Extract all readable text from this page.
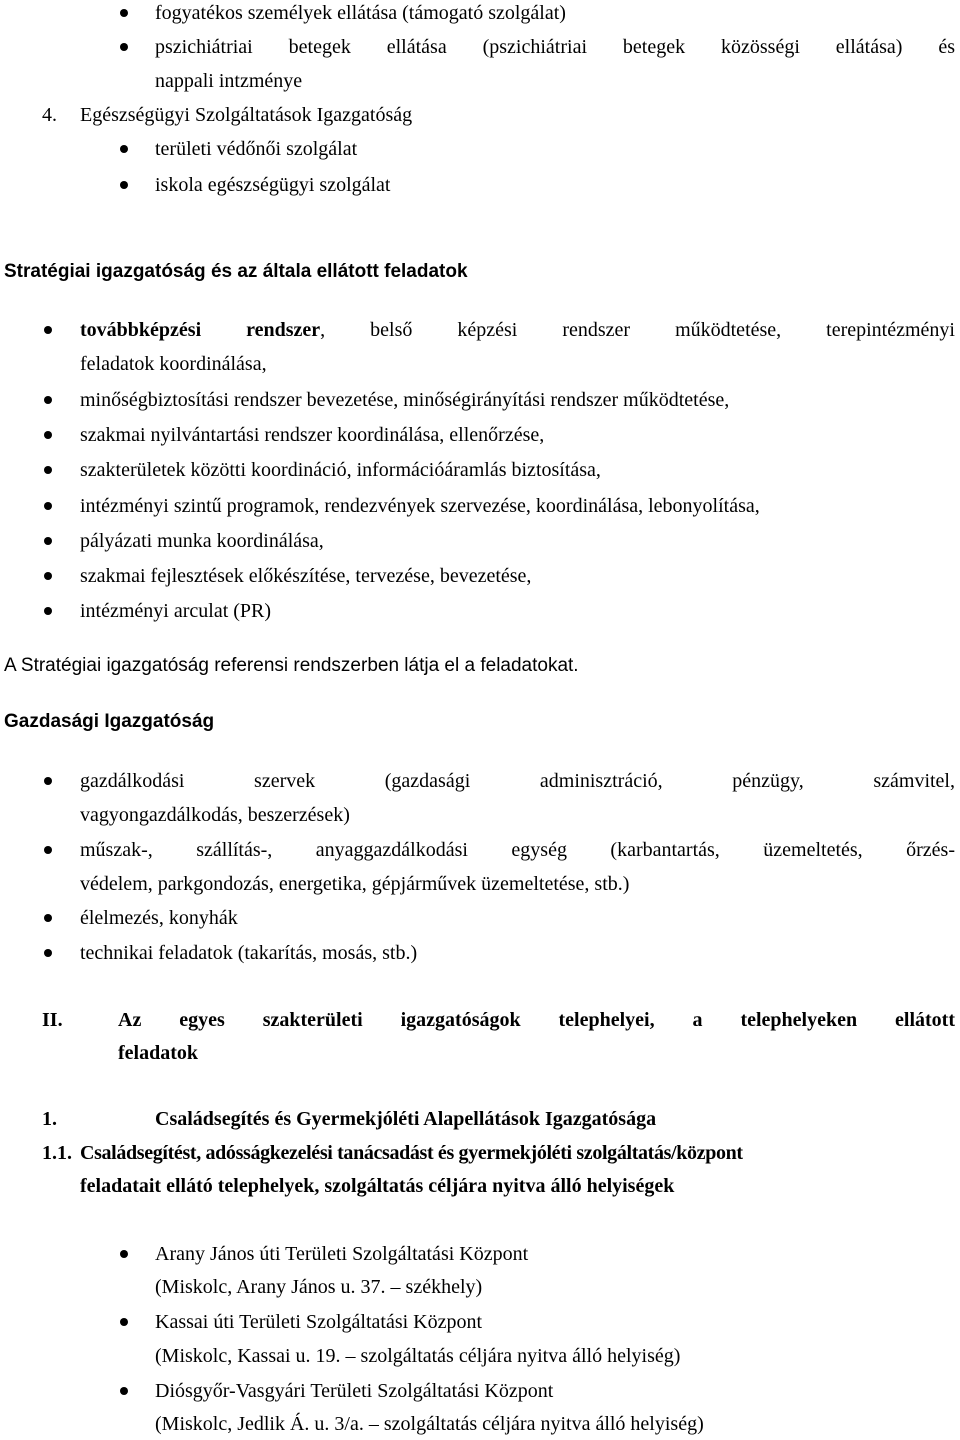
fogyatékos személyek ellátása (támogató szolgálat)
pszichiátriai betegek ellátása (pszichiátriai betegek közösségi ellátása) és
nappali intzménye
4. Egészségügyi Szolgáltatások Igazgatóság
területi védőnői szolgálat
iskola egészségügyi szolgálat
Stratégiai igazgatóság és az általa ellátott feladatok
továbbképzési rendszer, belső képzési rendszer működtetése, terepintézményi
feladatok koordinálása,
minőségbiztosítási rendszer bevezetése, minőségirányítási rendszer működtetése,
szakmai nyilvántartási rendszer koordinálása, ellenőrzése,
szakterületek közötti koordináció, információáramlás biztosítása,
intézményi szintű programok, rendezvények szervezése, koordinálása, lebonyolítása,
pályázati munka koordinálása,
szakmai fejlesztések előkészítése, tervezése, bevezetése,
intézményi arculat (PR)
A Stratégiai igazgatóság referensi rendszerben látja el a feladatokat.
Gazdasági Igazgatóság
gazdálkodási szervek (gazdasági adminisztráció, pénzügy, számvitel,
vagyongazdálkodás, beszerzések)
műszak-, szállítás-, anyaggazdálkodási egység (karbantartás, üzemeltetés, őrzés-
védelem, parkgondozás, energetika, gépjárművek üzemeltetése, stb.)
élelmezés, konyhák
technikai feladatok (takarítás, mosás, stb.)
II.	Az egyes szakterületi igazgatóságok telephelyei, a telephelyeken ellátott
feladatok
1.	Családsegítés és Gyermekjóléti Alapellátások Igazgatósága
1.1. Családsegítést, adósságkezelési tanácsadást és gyermekjóléti szolgáltatás/központ
feladatait ellátó telephelyek, szolgáltatás céljára nyitva álló helyiségek
Arany János úti Területi Szolgáltatási Központ
(Miskolc, Arany János u. 37. – székhely)
Kassai úti Területi Szolgáltatási Központ
(Miskolc, Kassai u. 19. – szolgáltatás céljára nyitva álló helyiség)
Diósgyőr-Vasgyári Területi Szolgáltatási Központ
(Miskolc, Jedlik Á. u. 3/a. – szolgáltatás céljára nyitva álló helyiség)
